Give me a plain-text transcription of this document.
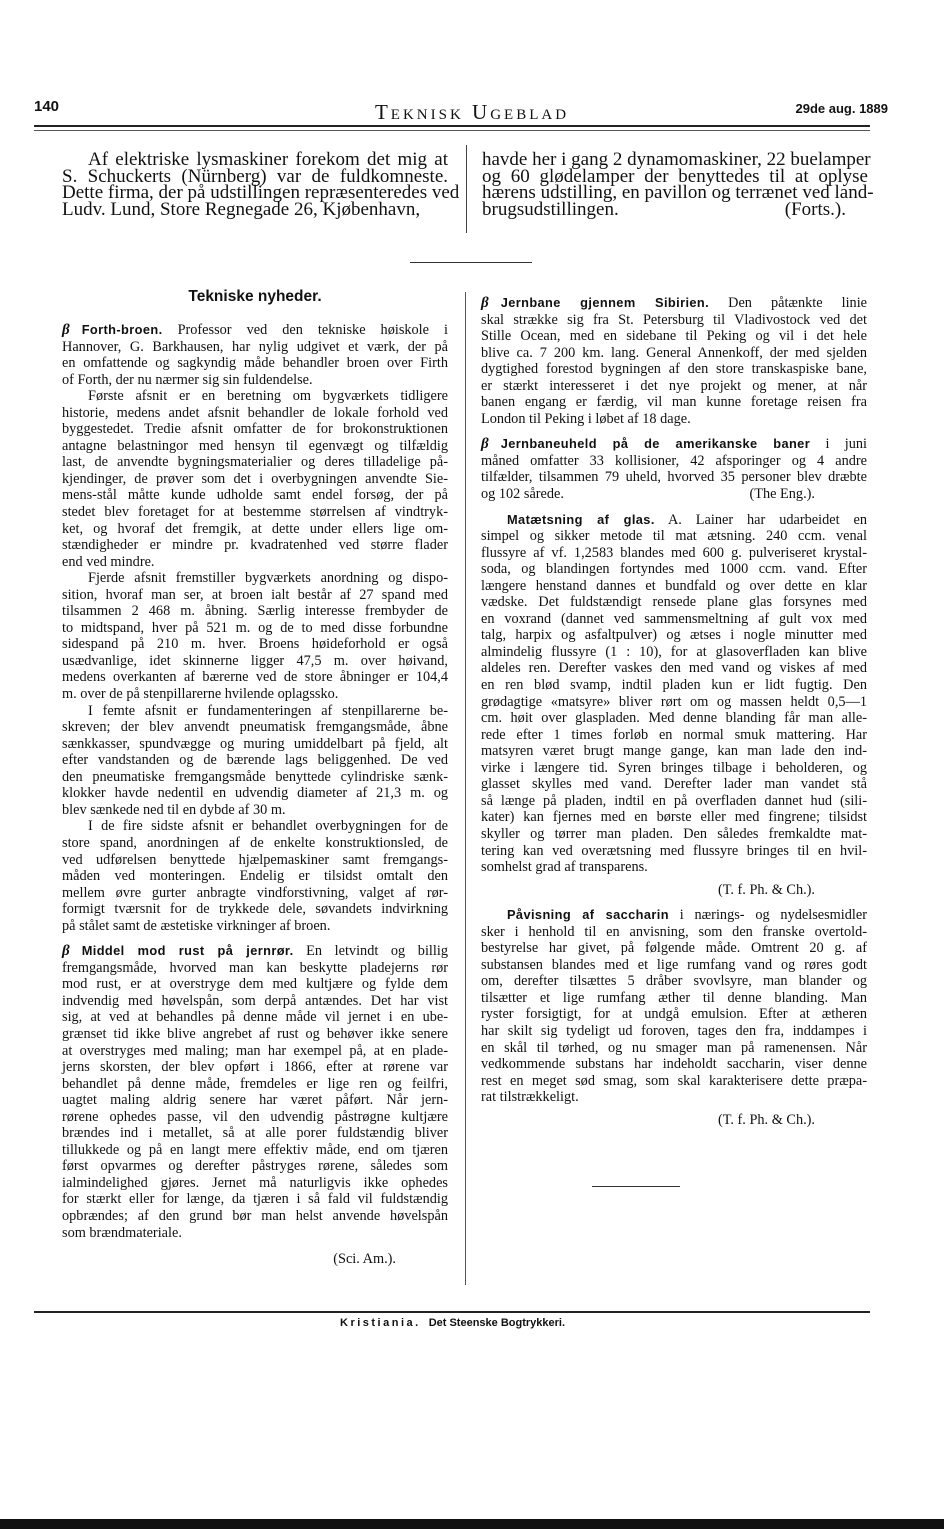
140	Teknisk Ugeblad	29de aug. 1889
Af elektriske lysmaskiner forekom det mig at
S. Schuckerts (Nürnberg) var de fuldkomneste.
Dette firma, der på udstillingen repræsenteredes ved
Ludv. Lund, Store Regnegade 26, Kjøbenhavn,
havde her i gang 2 dynamomaskiner, 22 buelamper
og 60 glødelamper der benyttedes til at oplyse
hærens udstilling, en pavillon og terrænet ved land-
brugsudstillingen.	(Forts.).
Tekniske nyheder.
β Forth-broen. Professor ved den tekniske høiskole i
Hannover, G. Barkhausen, har nylig udgivet et værk, der på
en omfattende og sagkyndig måde behandler broen over Firth
of Forth, der nu nærmer sig sin fuldendelse.
Første afsnit er en beretning om bygværkets tidligere
historie, medens andet afsnit behandler de lokale forhold ved
byggestedet. Tredie afsnit omfatter de for brokonstruktionen
antagne belastningor med hensyn til egenvægt og tilfældig
last, de anvendte bygningsmaterialier og deres tilladelige på-
kjendinger, de prøver som det i overbygningen anvendte Sie-
mens-stål måtte kunde udholde samt endel forsøg, der på
stedet blev foretaget for at bestemme størrelsen af vindtryk-
ket, og hvoraf det fremgik, at dette under ellers lige om-
stændigheder er mindre pr. kvadratenhed ved større flader
end ved mindre.
Fjerde afsnit fremstiller bygværkets anordning og dispo-
sition, hvoraf man ser, at broen ialt består af 27 spand med
tilsammen 2 468 m. åbning. Særlig interesse frembyder de
to midtspand, hver på 521 m. og de to med disse forbundne
sidespand på 210 m. hver. Broens høideforhold er også
usædvanlige, idet skinnerne ligger 47,5 m. over høivand,
medens overkanten af bærerne ved de store åbninger er 104,4
m. over de på stenpillarerne hvilende oplagssko.
I femte afsnit er fundamenteringen af stenpillarerne be-
skreven; der blev anvendt pneumatisk fremgangsmåde, åbne
sænkkasser, spundvægge og muring umiddelbart på fjeld, alt
efter vandstanden og de bærende lags beliggenhed. De ved
den pneumatiske fremgangsmåde benyttede cylindriske sænk-
klokker havde nedentil en udvendig diameter af 21,3 m. og
blev sænkede ned til en dybde af 30 m.
I de fire sidste afsnit er behandlet overbygningen for de
store spand, anordningen af de enkelte konstruktionsled, de
ved udførelsen benyttede hjælpemaskiner samt fremgangs-
måden ved monteringen. Endelig er tilsidst omtalt den
mellem øvre gurter anbragte vindforstivning, valget af rør-
formigt tværsnit for de trykkede dele, søvandets indvirkning
på stålet samt de æstetiske virkninger af broen.
β Middel mod rust på jernrør. En letvindt og billig
fremgangsmåde, hvorved man kan beskytte pladejerns rør
mod rust, er at overstryge dem med kultjære og fylde dem
indvendig med høvelspån, som derpå antændes. Det har vist
sig, at ved at behandles på denne måde vil jernet i en ube-
grænset tid ikke blive angrebet af rust og behøver ikke senere
at overstryges med maling; man har exempel på, at en plade-
jerns skorsten, der blev opført i 1866, efter at rørene var
behandlet på denne måde, fremdeles er lige ren og feilfri,
uagtet maling aldrig senere har været påført. Når jern-
rørene ophedes passe, vil den udvendig påstrøgne kultjære
brændes ind i metallet, så at alle porer fuldstændig bliver
tillukkede og på en langt mere effektiv måde, end om tjæren
først opvarmes og derefter påstryges rørene, således som
ialmindelighed gjøres. Jernet må naturligvis ikke ophedes
for stærkt eller for længe, da tjæren i så fald vil fuldstændig
opbrændes; af den grund bør man helst anvende høvelspån
som brændmateriale.
(Sci. Am.).
β Jernbane gjennem Sibirien. Den påtænkte linie
skal strække sig fra St. Petersburg til Vladivostock ved det
Stille Ocean, med en sidebane til Peking og vil i det hele
blive ca. 7 200 km. lang. General Annenkoff, der med sjelden
dygtighed forestod bygningen af den store transkaspiske bane,
er stærkt interesseret i det nye projekt og mener, at når
banen engang er færdig, vil man kunne foretage reisen fra
London til Peking i løbet af 18 dage.
β Jernbaneuheld på de amerikanske baner i juni
måned omfatter 33 kollisioner, 42 afsporinger og 4 andre
tilfælder, tilsammen 79 uheld, hvorved 35 personer blev dræbte
og 102 sårede.	(The Eng.).
Matætsning af glas. A. Lainer har udarbeidet en
simpel og sikker metode til mat ætsning. 240 ccm. venal
flussyre af vf. 1,2583 blandes med 600 g. pulveriseret krystal-
soda, og blandingen fortyndes med 1000 ccm. vand. Efter
længere henstand dannes et bundfald og over dette en klar
vædske. Det fuldstændigt rensede plane glas forsynes med
en voxrand (dannet ved sammensmeltning af gult vox med
talg, harpix og asfaltpulver) og ætses i nogle minutter med
almindelig flussyre (1 : 10), for at glasoverfladen kan blive
aldeles ren. Derefter vaskes den med vand og viskes af med
en ren blød svamp, indtil pladen kun er lidt fugtig. Den
grødagtige «matsyre» bliver rørt om og massen heldt 0,5—1
cm. høit over glaspladen. Med denne blanding får man alle-
rede efter 1 times forløb en normal smuk mattering. Har
matsyren været brugt mange gange, kan man lade den ind-
virke i længere tid. Syren bringes tilbage i beholderen, og
glasset skylles med vand. Derefter lader man vandet stå
så længe på pladen, indtil en på overfladen dannet hud (sili-
kater) kan fjernes med en børste eller med fingrene; tilsidst
skyller og tørrer man pladen. Den således fremkaldte mat-
tering kan ved overætsning med flussyre bringes til en hvil-
somhelst grad af transparens.
(T. f. Ph. & Ch.).
Påvisning af saccharin i nærings- og nydelsesmidler
sker i henhold til en anvisning, som den franske overtold-
bestyrelse har givet, på følgende måde. Omtrent 20 g. af
substansen blandes med et lige rumfang vand og røres godt
om, derefter tilsættes 5 dråber svovlsyre, man blander og
tilsætter et lige rumfang æther til denne blanding. Man
ryster forsigtigt, for at undgå emulsion. Efter at ætheren
har skilt sig tydeligt ud foroven, tages den fra, inddampes i
en skål til tørhed, og nu smager man på ramenensen. Når
vedkommende substans har indeholdt saccharin, viser denne
rest en meget sød smag, som skal karakterisere dette præpa-
rat tilstrækkeligt.
(T. f. Ph. & Ch.).
Kristiania. Det Steenske Bogtrykkeri.
